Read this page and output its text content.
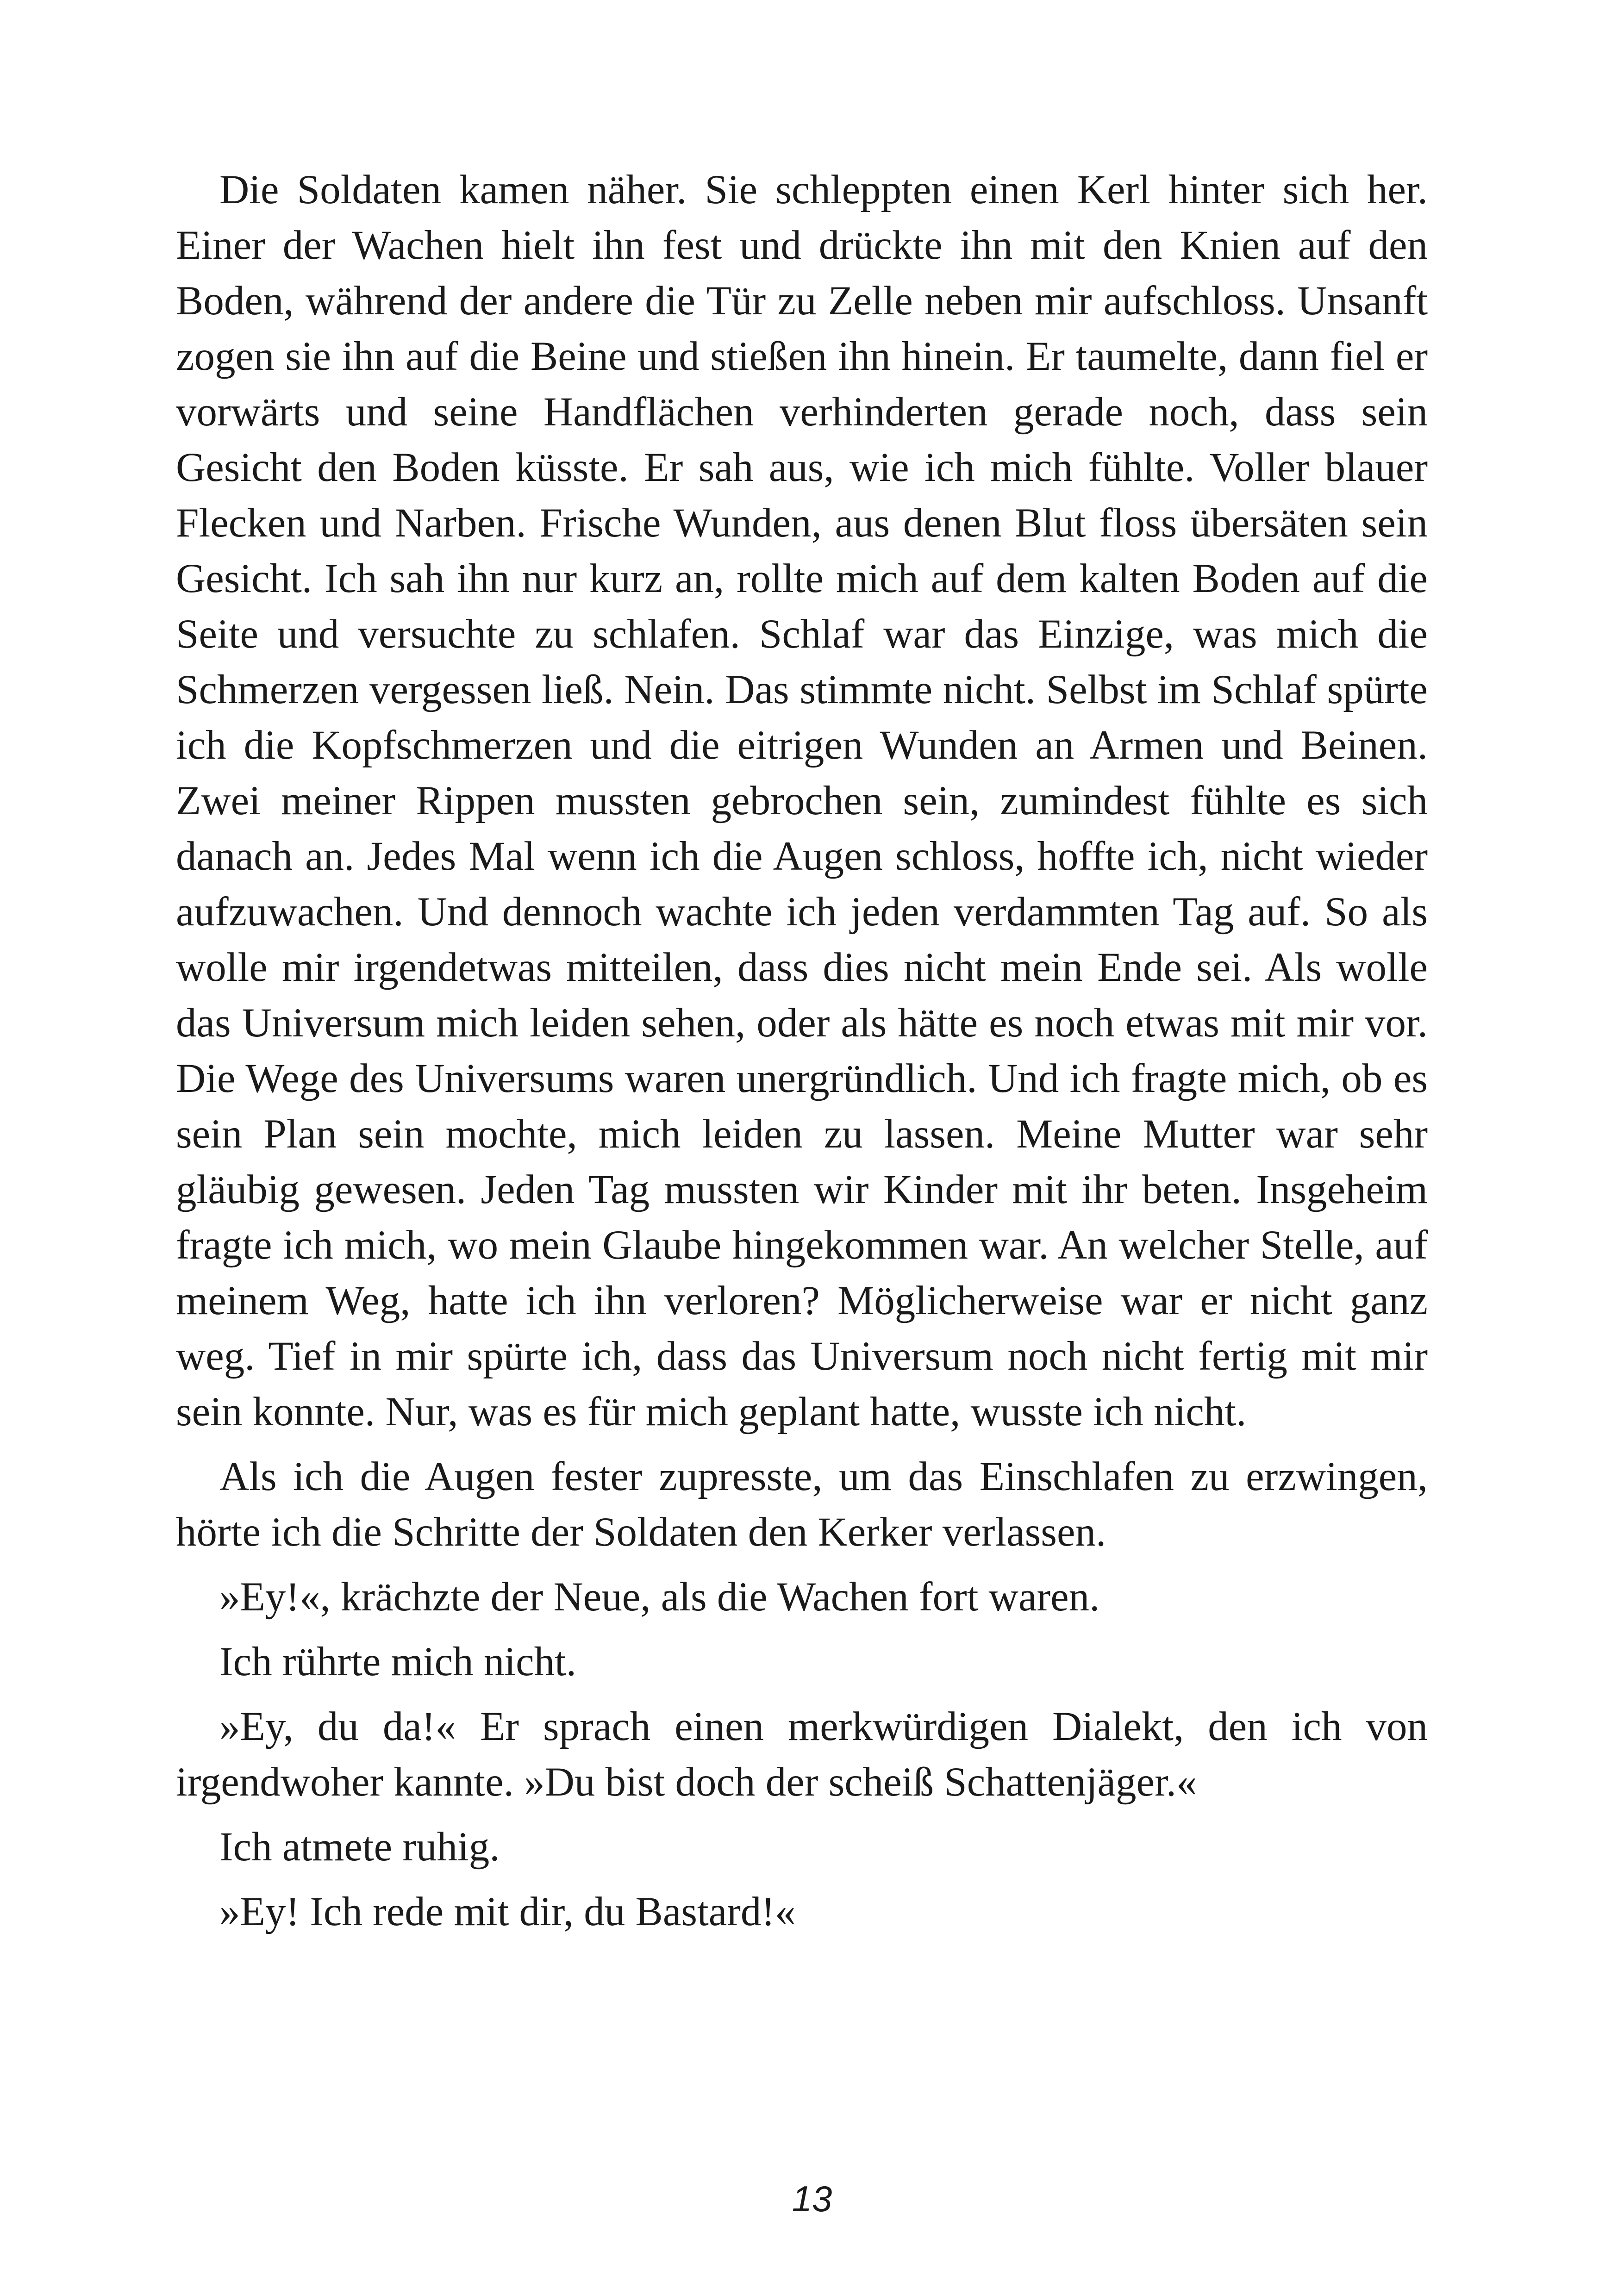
Die Soldaten kamen näher. Sie schleppten einen Kerl hinter sich her. Einer der Wachen hielt ihn fest und drückte ihn mit den Knien auf den Boden, während der andere die Tür zu Zelle neben mir aufschloss. Unsanft zogen sie ihn auf die Beine und stießen ihn hinein. Er taumelte, dann fiel er vorwärts und seine Handflächen verhinderten gerade noch, dass sein Gesicht den Boden küsste. Er sah aus, wie ich mich fühlte. Voller blauer Flecken und Narben. Frische Wunden, aus denen Blut floss übersäten sein Gesicht. Ich sah ihn nur kurz an, rollte mich auf dem kalten Boden auf die Seite und versuchte zu schlafen. Schlaf war das Einzige, was mich die Schmerzen vergessen ließ. Nein. Das stimmte nicht. Selbst im Schlaf spürte ich die Kopfschmerzen und die eitrigen Wunden an Armen und Beinen. Zwei meiner Rippen mussten gebrochen sein, zumindest fühlte es sich danach an. Jedes Mal wenn ich die Augen schloss, hoffte ich, nicht wieder aufzuwachen. Und dennoch wachte ich jeden verdammten Tag auf. So als wolle mir irgendetwas mitteilen, dass dies nicht mein Ende sei. Als wolle das Universum mich leiden sehen, oder als hätte es noch etwas mit mir vor. Die Wege des Universums waren unergründlich. Und ich fragte mich, ob es sein Plan sein mochte, mich leiden zu lassen. Meine Mutter war sehr gläubig gewesen. Jeden Tag mussten wir Kinder mit ihr beten. Insgeheim fragte ich mich, wo mein Glaube hingekommen war. An welcher Stelle, auf meinem Weg, hatte ich ihn verloren? Möglicherweise war er nicht ganz weg. Tief in mir spürte ich, dass das Universum noch nicht fertig mit mir sein konnte. Nur, was es für mich geplant hatte, wusste ich nicht.

Als ich die Augen fester zupresste, um das Einschlafen zu erzwingen, hörte ich die Schritte der Soldaten den Kerker verlassen.

»Ey!«, krächzte der Neue, als die Wachen fort waren.

Ich rührte mich nicht.

»Ey, du da!« Er sprach einen merkwürdigen Dialekt, den ich von irgendwoher kannte. »Du bist doch der scheiß Schattenjäger.«

Ich atmete ruhig.

»Ey! Ich rede mit dir, du Bastard!«

13
